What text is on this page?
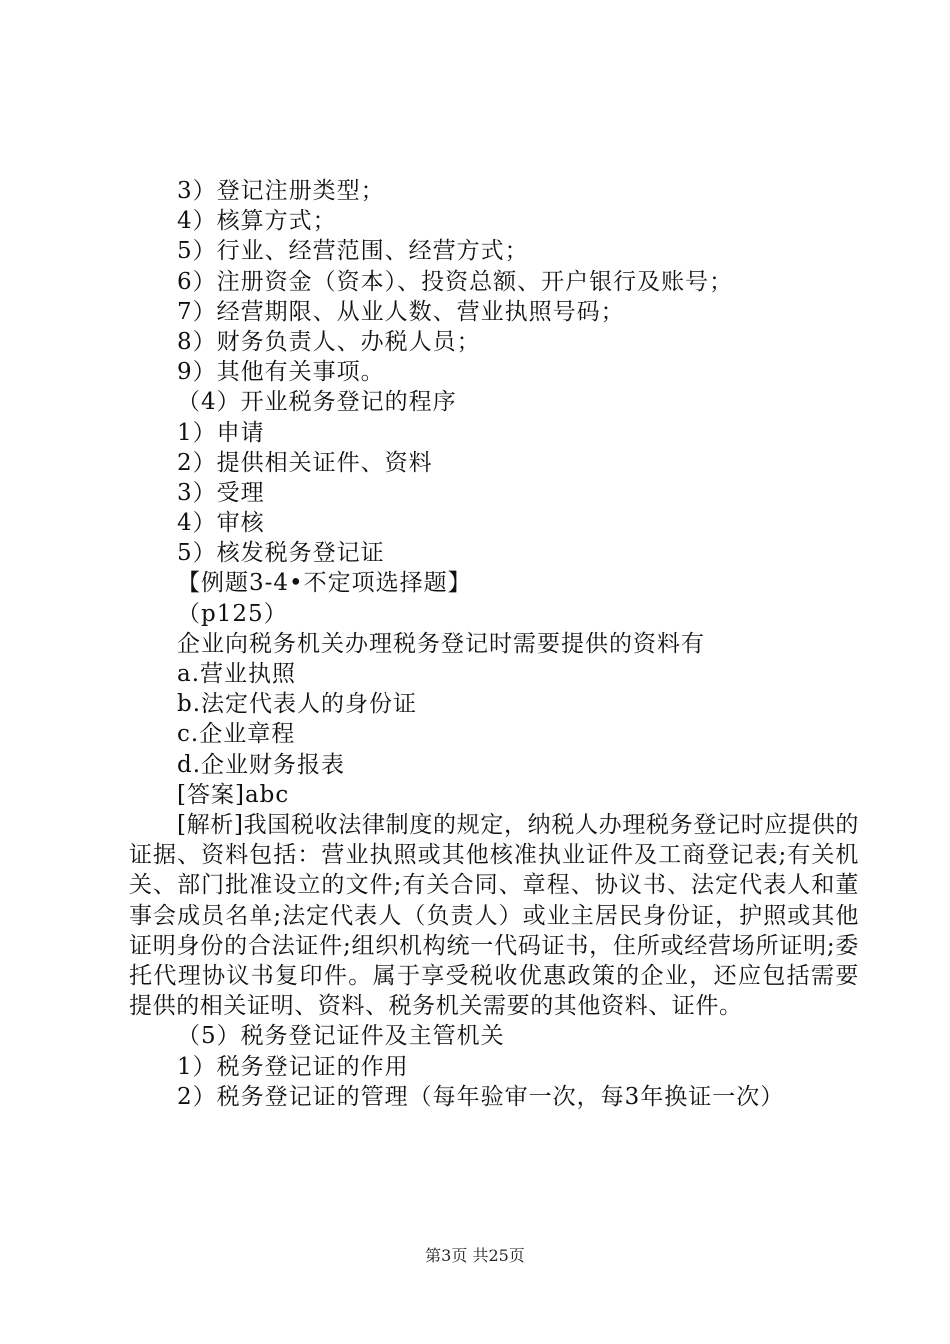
3）登记注册类型；
4）核算方式；
5）行业、经营范围、经营方式；
6）注册资金（资本）、投资总额、开户银行及账号；
7）经营期限、从业人数、营业执照号码；
8）财务负责人、办税人员；
9）其他有关事项。
（4）开业税务登记的程序
1）申请
2）提供相关证件、资料
3）受理
4）审核
5）核发税务登记证
【例题3-4•不定项选择题】
（p125）
企业向税务机关办理税务登记时需要提供的资料有
a.营业执照
b.法定代表人的身份证
c.企业章程
d.企业财务报表
[答案]abc

[解析]我国税收法律制度的规定，纳税人办理税务登记时应提供的证据、资料包括：营业执照或其他核准执业证件及工商登记表;有关机关、部门批准设立的文件;有关合同、章程、协议书、法定代表人和董事会成员名单;法定代表人（负责人）或业主居民身份证，护照或其他证明身份的合法证件;组织机构统一代码证书，住所或经营场所证明;委托代理协议书复印件。属于享受税收优惠政策的企业，还应包括需要提供的相关证明、资料、税务机关需要的其他资料、证件。

（5）税务登记证件及主管机关
1）税务登记证的作用
2）税务登记证的管理（每年验审一次，每3年换证一次）
第3页 共25页
